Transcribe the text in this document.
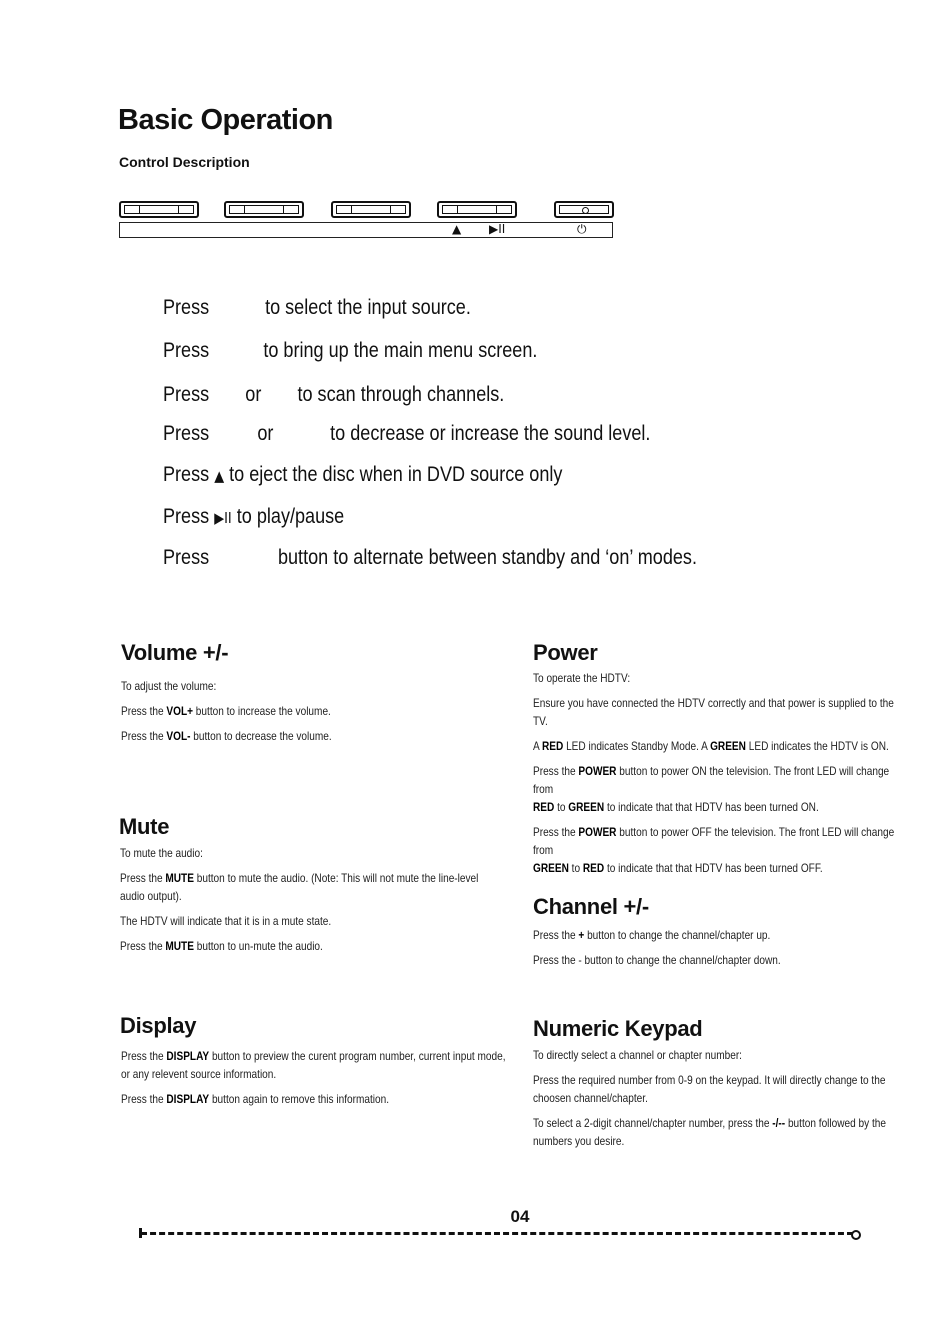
Basic Operation
Control Description
▲ ▶II	⏻
Press	to select the input source.
Press	to bring up the main menu screen.
Press or to scan through channels.
Press or	to decrease or increase the sound level.
Press ▲ to eject the disc when in DVD source only
Press ▶II to play/pause
Press	button to alternate between standby and ‘on’ modes.
Volume +/-
To adjust the volume:
Press the VOL+ button to increase the volume.
Press the VOL- button to decrease the volume.
Mute
To mute the audio:
Press the MUTE button to mute the audio. (Note: This will not mute the line-level
audio output).
The HDTV will indicate that it is in a mute state.
Press the MUTE button to un-mute the audio.
Display
Press the DISPLAY button to preview the curent program number, current input mode,
or any relevent source information.
Press the DISPLAY button again to remove this information.
Power
To operate the HDTV:
Ensure you have connected the HDTV correctly and that power is supplied to the TV.
A RED LED indicates Standby Mode. A GREEN LED indicates the HDTV is ON.
Press the POWER button to power ON the television. The front LED will change from
RED to GREEN to indicate that that HDTV has been turned ON.
Press the POWER button to power OFF the television. The front LED will change from
GREEN to RED to indicate that that HDTV has been turned OFF.
Channel +/-
Press the + button to change the channel/chapter up.
Press the - button to change the channel/chapter down.
Numeric Keypad
To directly select a channel or chapter number:
Press the required number from 0-9 on the keypad. It will directly change to the
choosen channel/chapter.
To select a 2-digit channel/chapter number, press the -/-- button followed by the
numbers you desire.
04
